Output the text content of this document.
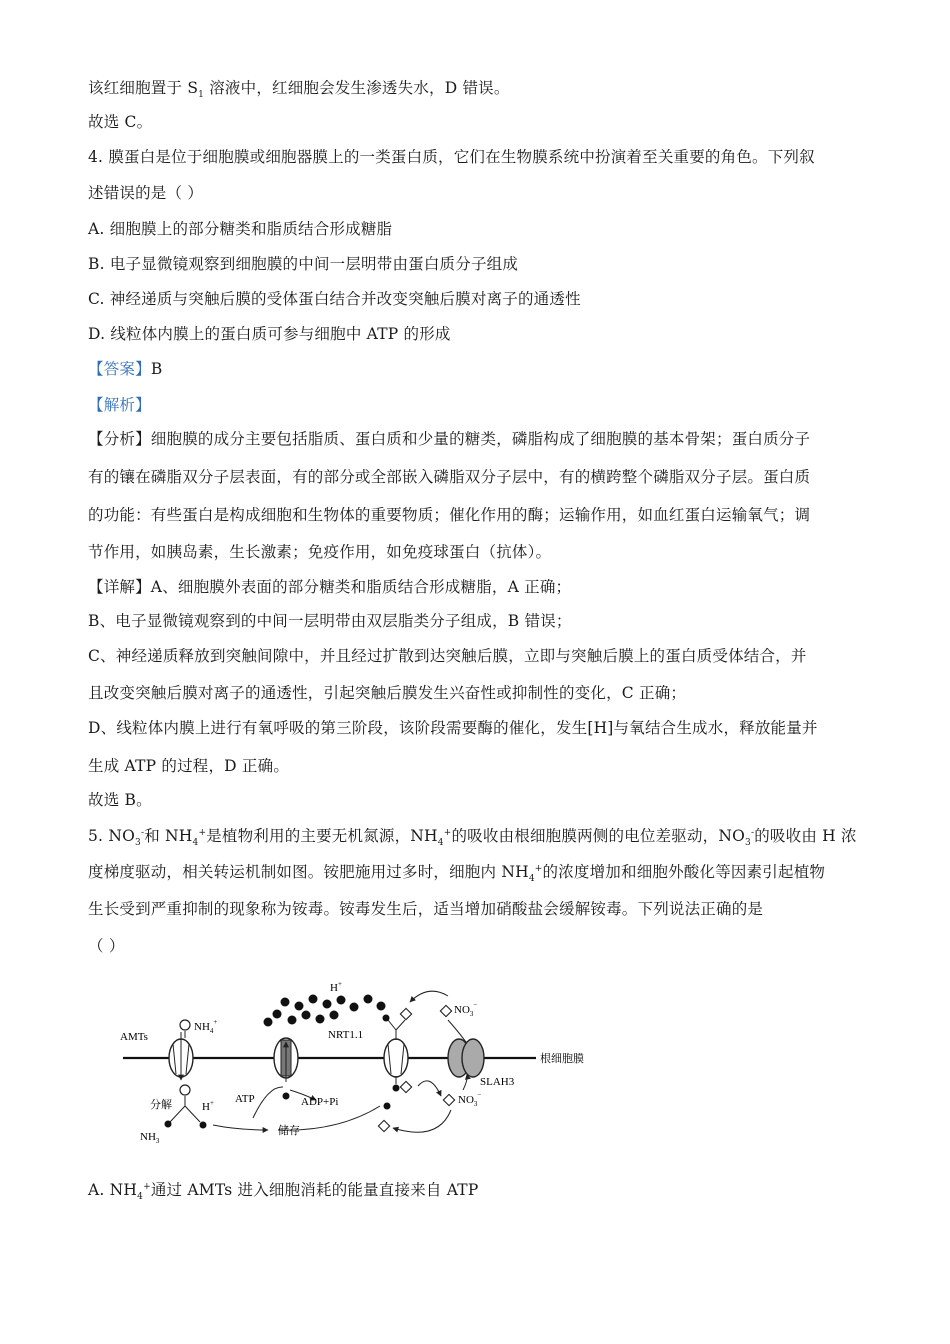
该红细胞置于 $S_1$ 溶液中，红细胞会发生渗透失水，D 错误。
故选 C。
4. 膜蛋白是位于细胞膜或细胞器膜上的一类蛋白质，它们在生物膜系统中扮演着至关重要的角色。下列叙
述错误的是（ ）
A. 细胞膜上的部分糖类和脂质结合形成糖脂
B. 电子显微镜观察到细胞膜的中间一层明带由蛋白质分子组成
C. 神经递质与突触后膜的受体蛋白结合并改变突触后膜对离子的通透性
D. 线粒体内膜上的蛋白质可参与细胞中 ATP 的形成
【答案】B
【解析】
【分析】细胞膜的成分主要包括脂质、蛋白质和少量的糖类，磷脂构成了细胞膜的基本骨架；蛋白质分子
有的镶在磷脂双分子层表面，有的部分或全部嵌入磷脂双分子层中，有的横跨整个磷脂双分子层。蛋白质
的功能：有些蛋白是构成细胞和生物体的重要物质；催化作用的酶；运输作用，如血红蛋白运输氧气；调
节作用，如胰岛素，生长激素；免疫作用，如免疫球蛋白（抗体）。
【详解】A、细胞膜外表面的部分糖类和脂质结合形成糖脂，A 正确；
B、电子显微镜观察到的中间一层明带由双层脂类分子组成，B 错误；
C、神经递质释放到突触间隙中，并且经过扩散到达突触后膜，立即与突触后膜上的蛋白质受体结合，并
且改变突触后膜对离子的通透性，引起突触后膜发生兴奋性或抑制性的变化，C 正确；
D、线粒体内膜上进行有氧呼吸的第三阶段，该阶段需要酶的催化，发生[H]与氧结合生成水，释放能量并
生成 ATP 的过程，D 正确。
故选 B。
5. $NO_3^-$和 $NH_4^+$是植物利用的主要无机氮源，$NH_4^+$的吸收由根细胞膜两侧的电位差驱动，$NO_3^-$的吸收由 H 浓
度梯度驱动，相关转运机制如图。铵肥施用过多时，细胞内 $NH_4^+$的浓度增加和细胞外酸化等因素引起植物
生长受到严重抑制的现象称为铵毒。铵毒发生后，适当增加硝酸盐会缓解铵毒。下列说法正确的是
（ ）
A. $NH_4^+$通过 AMTs 进入细胞消耗的能量直接来自 ATP
AMTs
$NH_4^+$
分解	H+
$NH_3$
H+
ATP	ADP+Pi
储存
NRT1.1
$NO_3^-$
SLAH3
根细胞膜
$NO_3^-$
